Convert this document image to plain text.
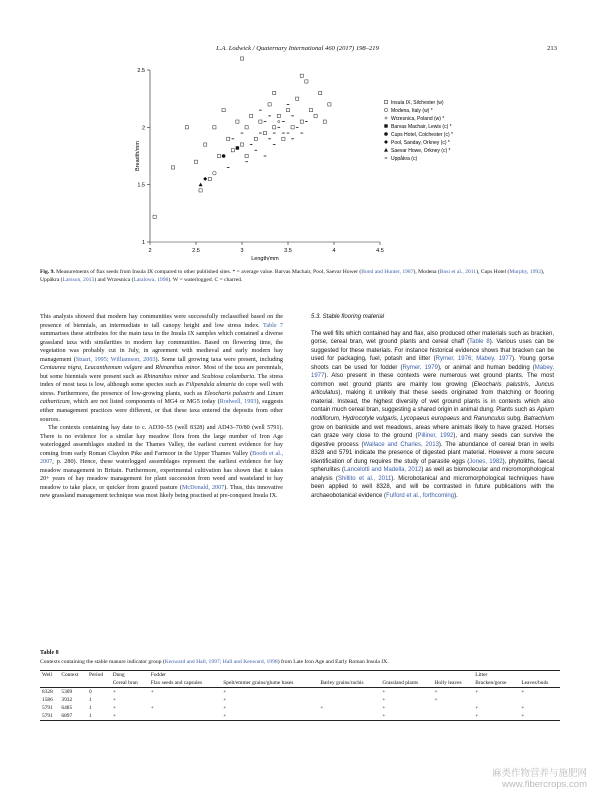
L.A. Lodwick / Quaternary International 460 (2017) 198–219	213
Length/mm
Breadth/mm
2	2.5	3	3.5	4	4.5
1
1.5
2
2.5
Insula IX, Silchester (w)
Modena, Italy (w) *
Wrzesnica, Poland (w) *
Barvas Machair, Lewis (c) *
Cups Hotel, Colchester (c) *
Pool, Sanday, Orkney (c) *
Saevar Howe, Orkney (c) *
Uppåkra (c)
Fig. 9. Measurements of flax seeds from Insula IX compared to other published sites. * = average value. Barvas Machair, Pool, Saevar Hower (Bond and Hunter, 1987), Modena (Bosi et al., 2011), Cups Hotel (Murphy, 1992), Uppåkra (Larsson, 2013) and Wrzesnica (Latalowa, 1998). W = waterlogged. C = charred.

This analysis showed that modern hay communities were successfully reclassified based on the presence of biennials, an intermediate to tall canopy height and low stress index. Table 7 summarises these attributes for the main taxa in the Insula IX samples which contained a diverse grassland taxa with similarities to modern hay communities. Based on flowering time, the vegetation was probably cut in July, in agreement with medieval and early modern hay management (Stuart, 1995; Williamson, 2003). Some tall growing taxa were present, including Centaurea nigra, Leucanthemum vulgare and Rhinanthus minor. Most of the taxa are perennials, but some biennials were present such as Rhinanthus minor and Scabiosa columbaria. The stress index of most taxa is low, although some species such as Filipendula ulmaria do cope well with stress. Furthermore, the presence of low-growing plants, such as Eleocharis palustris and Linum catharticum, which are not listed components of MG4 or MG5 today (Rodwell, 1993), suggests either management practices were different, or that these taxa entered the deposits from other sources.

The contexts containing hay date to c. AD30–55 (well 8328) and AD43–70/80 (well 5791). There is no evidence for a similar hay meadow flora from the large number of Iron Age waterlogged assemblages studied in the Thames Valley, the earliest current evidence for hay coming from early Roman Claydon Pike and Farmoor in the Upper Thames Valley (Booth et al., 2007, p. 280). Hence, these waterlogged assemblages represent the earliest evidence for hay meadow management in Britain. Furthermore, experimental cultivation has shown that it takes 20+ years of hay meadow management for plant succession from weed and wasteland to hay meadow to take place, or quicker from grazed pasture (McDonald, 2007). Thus, this innovative new grassland management technique was most likely being practised at pre-conquest Insula IX.

5.3. Stable flooring material

The well fills which contained hay and flax, also produced other materials such as bracken, gorse, cereal bran, wet ground plants and cereal chaff (Table 8). Various uses can be suggested for these materials. For instance historical evidence shows that bracken can be used for packaging, fuel, potash and litter (Rymer, 1976; Mabey, 1977). Young gorse shoots can be used for fodder (Rymer, 1979), or animal and human bedding (Mabey, 1977). Also present in these contexts were numerous wet ground plants. The most common wet ground plants are mainly low growing (Eleocharis palustris, Juncus articulatus), making it unlikely that these seeds originated from thatching or flooring material. Instead, the highest diversity of wet ground plants is in contexts which also contain much cereal bran, suggesting a shared origin in animal dung. Plants such as Apium nodiflorum, Hydrocotyle vulgaris, Lycopaeus europaeus and Ranunculus subg. Batrachium grow on bankside and wet meadows, areas where animals likely to have grazed. Horses can graze very close to the ground (Pilliner, 1992), and many seeds can survive the digestive process (Wallace and Charles, 2013). The abundance of cereal bran in wells 8328 and 5791 indicate the presence of digested plant material. However a more secure identification of dung requires the study of parasite eggs (Jones, 1982), phytoliths, faecal spherulites (Lancelotti and Madella, 2012) as well as biomolecular and micromorphological analysis (Shillito et al., 2011). Microbotanical and micromorphological techniques have been applied to well 8328, and will be contrasted in future publications with the archaeobotanical evidence (Fulford et al., forthcoming).

Table 8
Contexts containing the stable manure indicator group (Kenward and Hall, 1997; Hall and Kenward, 1998) from Late Iron Age and Early Roman Insula IX.
Well	Context	Period	Dung	Fodder					Litter	
			Cereal bran	Flax seeds and capsules	Spelt/emmer grains/glume bases	Barley grains/rachis	Grassland plants	Holly leaves	Bracken/gorse	Leaves/buds
8328	5309	0	+	+	+		+	+	+	+
1586	3932	1	+		+		+	+		
5791	6485	1	+	+	+	+	+		+	+
5791	6897	1	+		+		+		+	+
麻类作物营养与施肥网
www.fibercrops.com
